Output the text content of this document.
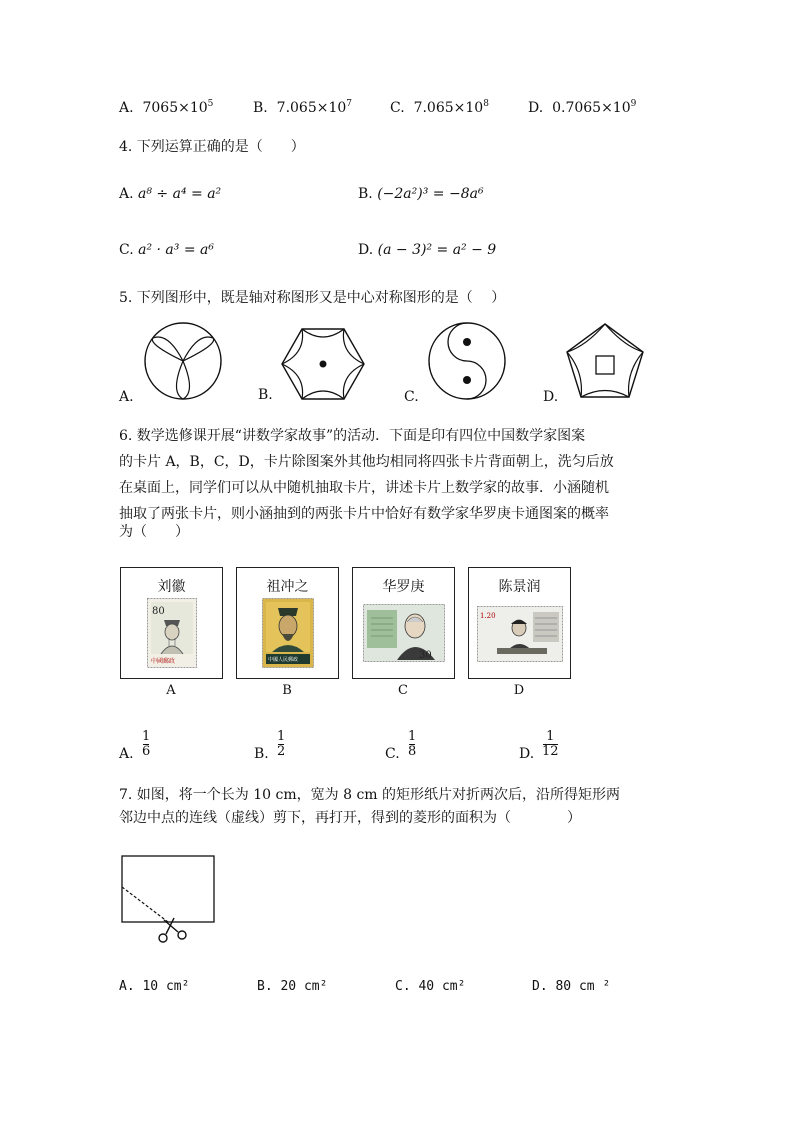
A. $7065\times 10^5$	B. $7.065\times 10^7$	C. $7.065\times 10^8$	D. $0.7065\times 10^9$
4. 下列运算正确的是（　　）
A. a⁸ ÷ a⁴ = a²	B. (−2a²)³ = −8a⁶
C. a² · a³ = a⁶	D. (a − 3)² = a² − 9
5. 下列图形中，既是轴对称图形又是中心对称图形的是（　 ）
A.	B.	C.	D.
6. 数学选修课开展“讲数学家故事”的活动．下面是印有四位中国数学家图案
的卡片 A，B，C，D，卡片除图案外其他均相同将四张卡片背面朝上，洗匀后放
在桌面上，同学们可以从中随机抽取卡片，讲述卡片上数学家的故事．小涵随机
抽取了两张卡片，则小涵抽到的两张卡片中恰好有数学家华罗庚卡通图案的概率
为（　　）
刘徽
80
中國郵政
A
祖冲之
中國人民郵政
B
华罗庚
30
C
陈景润
1.20
D
A.
1
6	B.
1
2	C.
1
8	D.
1
12
7. 如图，将一个长为 10 cm，宽为 8 cm 的矩形纸片对折两次后，沿所得矩形两
邻边中点的连线（虚线）剪下，再打开，得到的菱形的面积为（　　　　）
A. 10 cm²	B. 20 cm²	C. 40 cm²	D. 80 cm ²
